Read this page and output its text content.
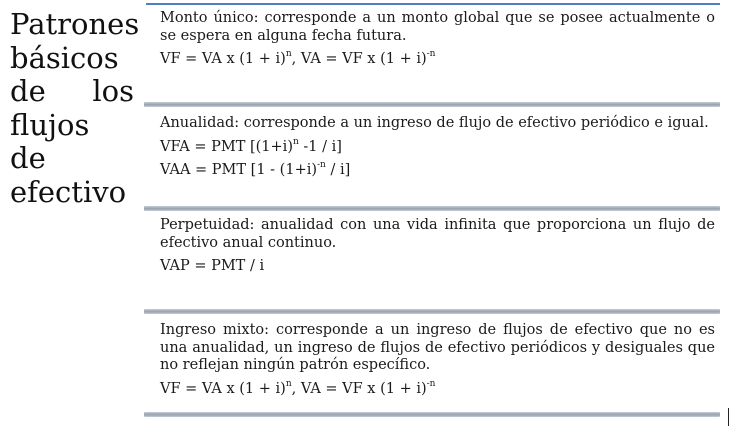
Patrones básicos de los flujos de efectivo

Monto único: corresponde a un monto global que se posee actualmente o se espera en alguna fecha futura.

VF = VA x $(1 + i)^n$, VA = VF x $(1 + i)^{-n}$

Anualidad: corresponde a un ingreso de flujo de efectivo periódico e igual.

VFA = PMT [$(1+i)^n$ -1 / i]
VAA = PMT $[1 - (1+i)^{-n} / i]$

Perpetuidad: anualidad con una vida infinita que proporciona un flujo de efectivo anual continuo.

VAP = PMT / i

Ingreso mixto: corresponde a un ingreso de flujos de efectivo que no es una anualidad, un ingreso de flujos de efectivo periódicos y desiguales que no reflejan ningún patrón específico.

VF = VA x $(1 + i)^n$, VA = VF x $(1 + i)^{-n}$
